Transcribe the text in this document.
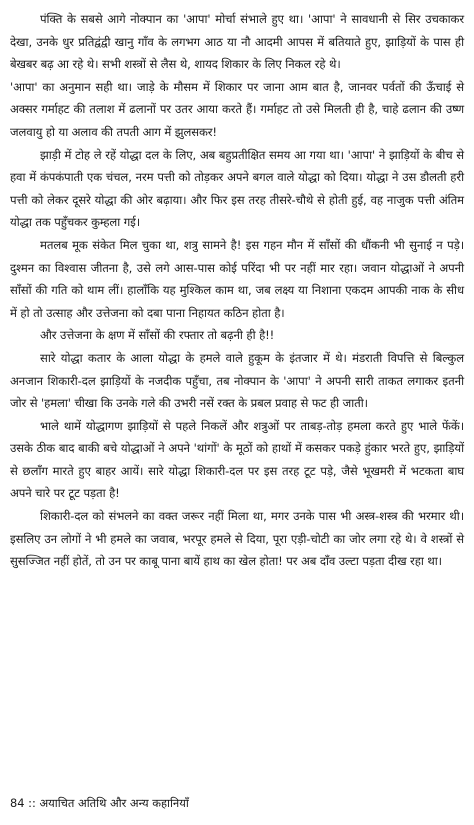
पंक्ति के सबसे आगे नोक्पान का 'आपा' मोर्चा संभाले हुए था। 'आपा' ने सावधानी से सिर उचकाकर देखा, उनके धुर प्रतिद्वंद्वी खानु गाँव के लगभग आठ या नौ आदमी आपस में बतियाते हुए, झाड़ियों के पास ही बेखबर बढ़ आ रहे थे। सभी शस्त्रों से लैस थे, शायद शिकार के लिए निकल रहे थे।

'आपा' का अनुमान सही था। जाड़े के मौसम में शिकार पर जाना आम बात है, जानवर पर्वतों की ऊँचाई से अक्सर गर्माहट की तलाश में ढलानों पर उतर आया करते हैं। गर्माहट तो उसे मिलती ही है, चाहे ढलान की उष्ण जलवायु हो या अलाव की तपती आग में झुलसकर!

झाड़ी में टोह ले रहें योद्धा दल के लिए, अब बहुप्रतीक्षित समय आ गया था। 'आपा' ने झाड़ियों के बीच से हवा में कंपकंपाती एक चंचल, नरम पत्ती को तोड़कर अपने बगल वाले योद्धा को दिया। योद्धा ने उस डौलती हरी पत्ती को लेकर दूसरे योद्धा की ओर बढ़ाया। और फिर इस तरह तीसरे-चौथे से होती हुई, वह नाजुक पत्ती अंतिम योद्धा तक पहुँचकर कुम्हला गई।

मतलब मूक संकेत मिल चुका था, शत्रु सामने है! इस गहन मौन में साँसों की धौंकनी भी सुनाई न पड़े। दुश्मन का विश्वास जीतना है, उसे लगे आस-पास कोई परिंदा भी पर नहीं मार रहा। जवान योद्धाओं ने अपनी साँसों की गति को थाम लीं। हालाँकि यह मुश्किल काम था, जब लक्ष्य या निशाना एकदम आपकी नाक के सीध में हो तो उत्साह और उत्तेजना को दबा पाना निहायत कठिन होता है।

और उत्तेजना के क्षण में साँसों की रफ्तार तो बढ़नी ही है!!

सारे योद्धा कतार के आला योद्धा के हमले वाले हुकूम के इंतजार में थे। मंडराती विपत्ति से बिल्कुल अनजान शिकारी-दल झाड़ियों के नजदीक पहुँचा, तब नोक्पान के 'आपा' ने अपनी सारी ताकत लगाकर इतनी जोर से 'हमला' चीखा कि उनके गले की उभरी नसें रक्त के प्रबल प्रवाह से फट ही जाती।

भाले थामें योद्धागण झाड़ियों से पहले निकलें और शत्रुओं पर ताबड़-तोड़ हमला करते हुए भाले फेंकें। उसके ठीक बाद बाकी बचे योद्धाओं ने अपने 'थांगों' के मूठों को हाथों में कसकर पकड़े हुंकार भरते हुए, झाड़ियों से छलाँग मारते हुए बाहर आयें। सारे योद्धा शिकारी-दल पर इस तरह टूट पड़े, जैसे भूखमरी में भटकता बाघ अपने चारे पर टूट पड़ता है!

शिकारी-दल को संभलने का वक्त जरूर नहीं मिला था, मगर उनके पास भी अस्त्र-शस्त्र की भरमार थी। इसलिए उन लोगों ने भी हमले का जवाब, भरपूर हमले से दिया, पूरा एड़ी-चोटी का जोर लगा रहे थे। वे शस्त्रों से सुसज्जित नहीं होतें, तो उन पर काबू पाना बायें हाथ का खेल होता! पर अब दाँव उल्टा पड़ता दीख रहा था।

84 :: अयाचित अतिथि और अन्य कहानियाँ
